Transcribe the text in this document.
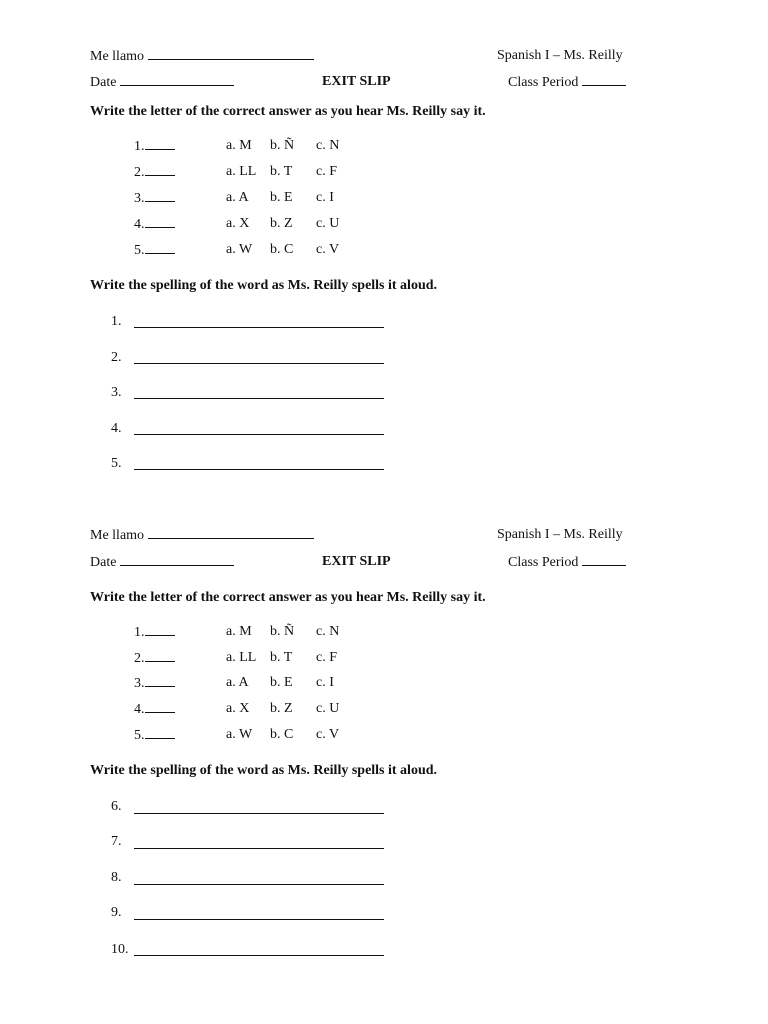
Me llamo	Spanish I – Ms. Reilly
Date	EXIT SLIP	Class Period
Write the letter of the correct answer as you hear Ms. Reilly say it.
1.	a. M b. Ñ c. N
2.	a. LL b. T c. F
3.	a. A b. E c. I
4.	a. X b. Z c. U
5.	a. W b. C c. V
Write the spelling of the word as Ms. Reilly spells it aloud.
1.
2.
3.
4.
5.
Me llamo	Spanish I – Ms. Reilly
Date	EXIT SLIP	Class Period
Write the letter of the correct answer as you hear Ms. Reilly say it.
1.	a. M b. Ñ c. N
2.	a. LL b. T c. F
3.	a. A b. E c. I
4.	a. X b. Z c. U
5.	a. W b. C c. V
Write the spelling of the word as Ms. Reilly spells it aloud.
6.
7.
8.
9.
10.
